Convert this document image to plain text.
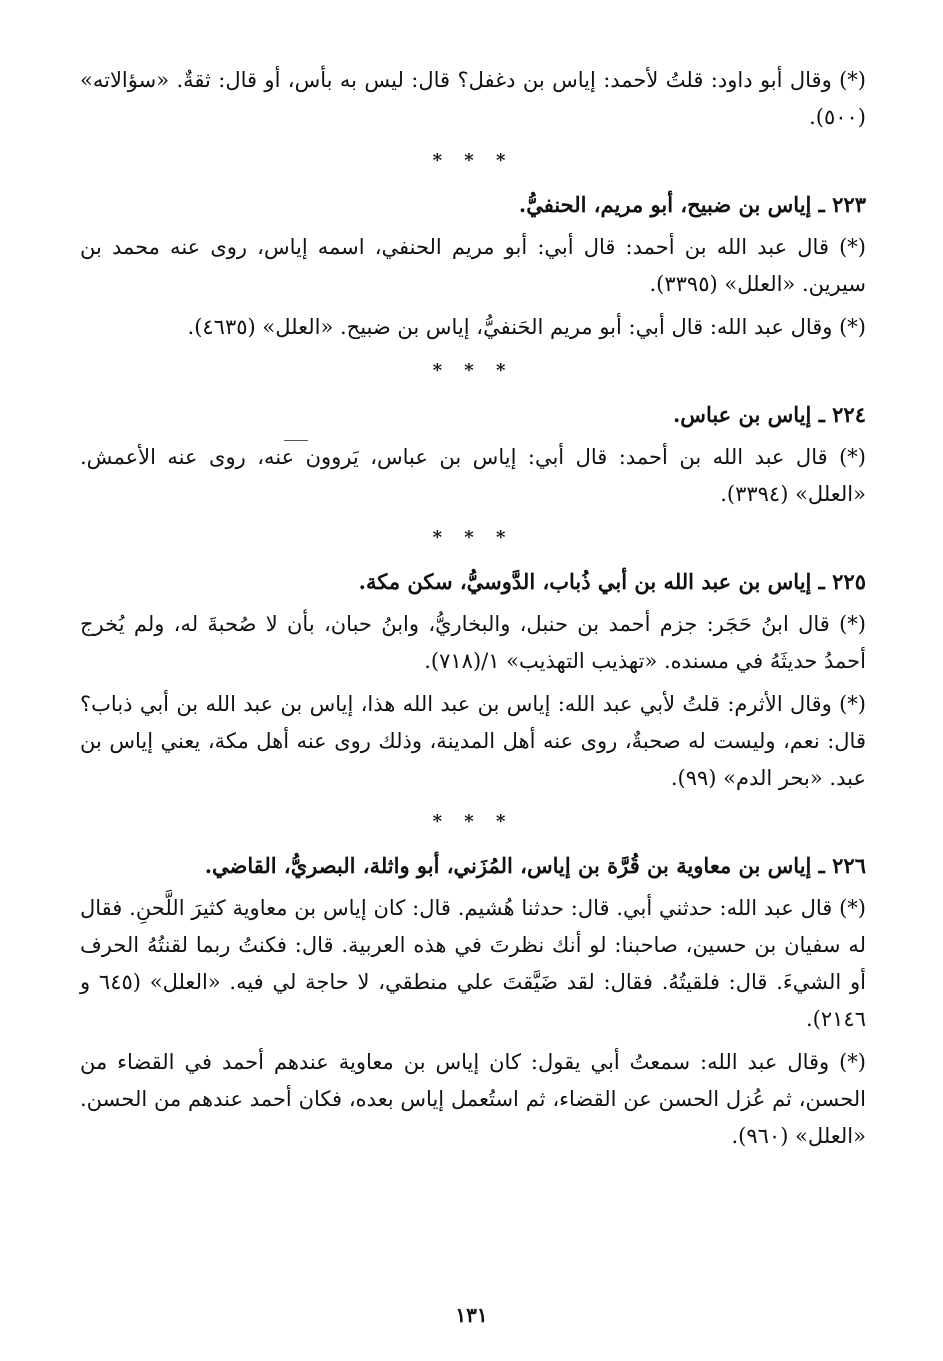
(*) وقال أبو داود: قلتُ لأحمد: إياس بن دغفل؟ قال: ليس به بأس، أو قال: ثقةٌ. «سؤالاته» (٥٠٠).

* * *

٢٢٣ ـ إياس بن ضبيح، أبو مريم، الحنفيُّ.

(*) قال عبد الله بن أحمد: قال أبي: أبو مريم الحنفي، اسمه إياس، روى عنه محمد بن سيرين. «العلل» (٣٣٩٥).

(*) وقال عبد الله: قال أبي: أبو مريم الحَنفيُّ، إياس بن ضبيح. «العلل» (٤٦٣٥).

* * *

٢٢٤ ـ إياس بن عباس.

(*) قال عبد الله بن أحمد: قال أبي: إياس بن عباس، يَروون عنه، روى عنه الأعمش. «العلل» (٣٣٩٤).

* * *

٢٢٥ ـ إياس بن عبد الله بن أبي ذُباب، الدَّوسيُّ، سكن مكة.

(*) قال ابنُ حَجَر: جزم أحمد بن حنبل، والبخاريُّ، وابنُ حبان، بأن لا صُحبةَ له، ولم يُخرج أحمدُ حديثَهُ في مسنده. «تهذيب التهذيب» ١/(٧١٨).

(*) وقال الأثرم: قلتُ لأبي عبد الله: إياس بن عبد الله هذا، إياس بن عبد الله بن أبي ذباب؟ قال: نعم، وليست له صحبةٌ، روى عنه أهل المدينة، وذلك روى عنه أهل مكة، يعني إياس بن عبد. «بحر الدم» (٩٩).

* * *

٢٢٦ ـ إياس بن معاوية بن قُرَّة بن إياس، المُزَني، أبو واثلة، البصريُّ، القاضي.

(*) قال عبد الله: حدثني أبي. قال: حدثنا هُشيم. قال: كان إياس بن معاوية كثيرَ اللَّحنِ. فقال له سفيان بن حسين، صاحبنا: لو أنك نظرتَ في هذه العربية. قال: فكنتُ ربما لقنتُهُ الحرف أو الشيءَ. قال: فلقيتُهُ. فقال: لقد ضَيَّقتَ علي منطقي، لا حاجة لي فيه. «العلل» (٦٤٥ و ٢١٤٦).

(*) وقال عبد الله: سمعتُ أبي يقول: كان إياس بن معاوية عندهم أحمد في القضاء من الحسن، ثم عُزل الحسن عن القضاء، ثم استُعمل إياس بعده، فكان أحمد عندهم من الحسن. «العلل» (٩٦٠).

١٣١
